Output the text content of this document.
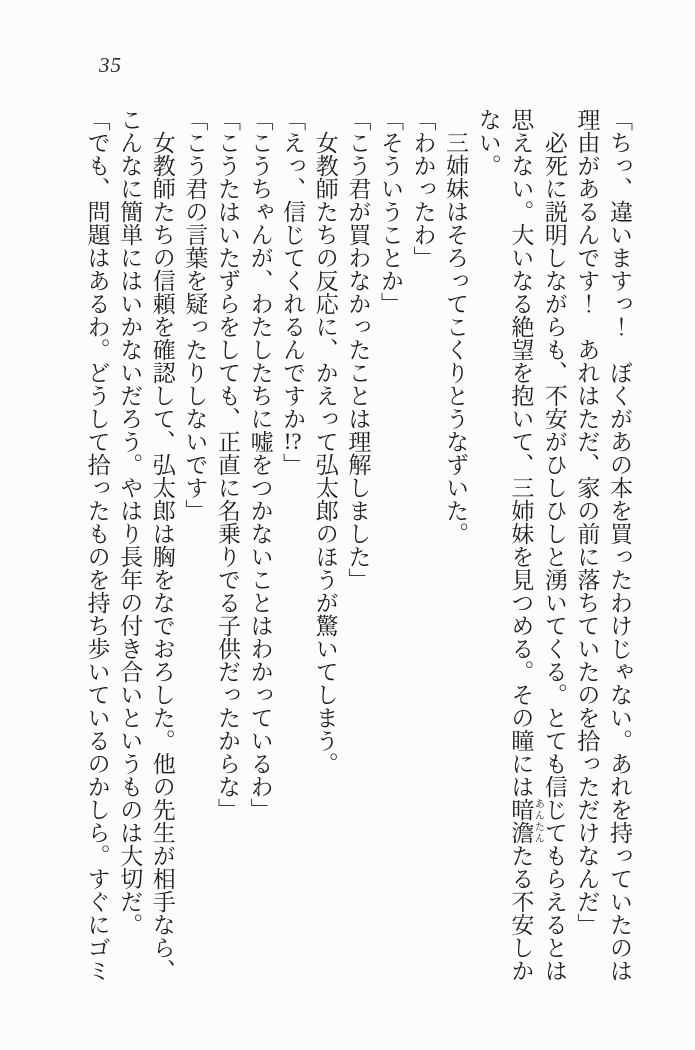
35

「ちっ、違いますっ！　ぼくがあの本を買ったわけじゃない。あれを持っていたのは理由があるんです！　あれはただ、家の前に落ちていたのを拾っただけなんだ」

必死に説明しながらも、不安がひしひしと湧いてくる。とても信じてもらえるとは思えない。大いなる絶望を抱いて、三姉妹を見つめる。その瞳には暗澹 あんたんたる不安しかない。

三姉妹はそろってこくりとうなずいた。

「わかったわ」

「そういうことか」

「こう君が買わなかったことは理解しました」

女教師たちの反応に、かえって弘太郎のほうが驚いてしまう。

「えっ、信じてくれるんですか!?」

「こうちゃんが、わたしたちに嘘をつかないことはわかっているわ」

「こうたはいたずらをしても、正直に名乗りでる子供だったからな」

「こう君の言葉を疑ったりしないです」

女教師たちの信頼を確認して、弘太郎は胸をなでおろした。他の先生が相手なら、こんなに簡単にはいかないだろう。やはり長年の付き合いというものは大切だ。

「でも、問題はあるわ。どうして拾ったものを持ち歩いているのかしら。すぐにゴミ
